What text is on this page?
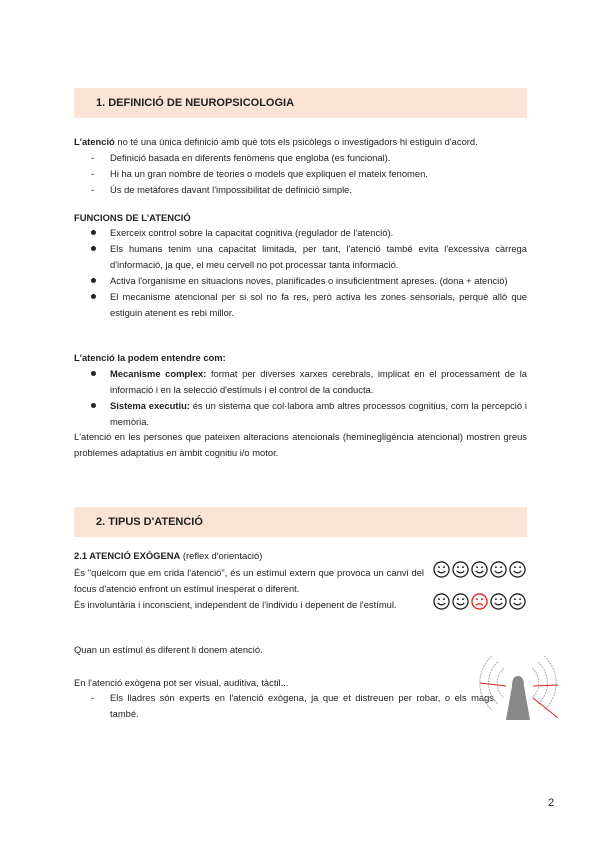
1. DEFINICIÓ DE NEUROPSICOLOGIA
L'atenció no té una única definició amb què tots els psicòlegs o investigadors hi estiguin d'acord.
- Definició basada en diferents fenòmens que engloba (es funcional).
- Hi ha un gran nombre de teories o models que expliquen el mateix fenomen.
- Ús de metàfores davant l'impossibilitat de definició simple.
FUNCIONS DE L'ATENCIÓ
Exerceix control sobre la capacitat cognitiva (regulador de l'atenció).
Els humans tenim una capacitat limitada, per tant, l'atenció també evita l'excessiva càrrega d'informació, ja que, el meu cervell no pot processar tanta informació.
Activa l'organisme en situacions noves, planificades o insuficientment apreses. (dona + atenció)
El mecanisme atencional per si sol no fa res, però activa les zones sensorials, perquè allò que estiguin atenent es rebi millor.
L'atenció la podem entendre com:
Mecanisme complex: format per diverses xarxes cerebrals, implicat en el processament de la informació i en la selecció d'estímuls i el control de la conducta.
Sistema executiu: és un sistema que col·labora amb altres processos cognitius, com la percepció i memòria.
L'atenció en les persones que pateixen alteracions atencionals (heminegligència atencional) mostren greus problemes adaptatius en àmbit cognitiu i/o motor.
2. TIPUS D'ATENCIÓ
2.1 ATENCIÓ EXÒGENA (reflex d'orientació)
És "quelcom que em crida l'atenció", és un estímul extern que provoca un canvi del focus d'atenció enfront un estímul inesperat o diferent.
És involuntària i inconscient, independent de l'individu i depenent de l'estímul.
Quan un estímul és diferent li donem atenció.
En l'atenció exògena pot ser visual, auditiva, tàctil...
- Els lladres són experts en l'atenció exògena, ja que et distreuen per robar, o els mags també.
2
